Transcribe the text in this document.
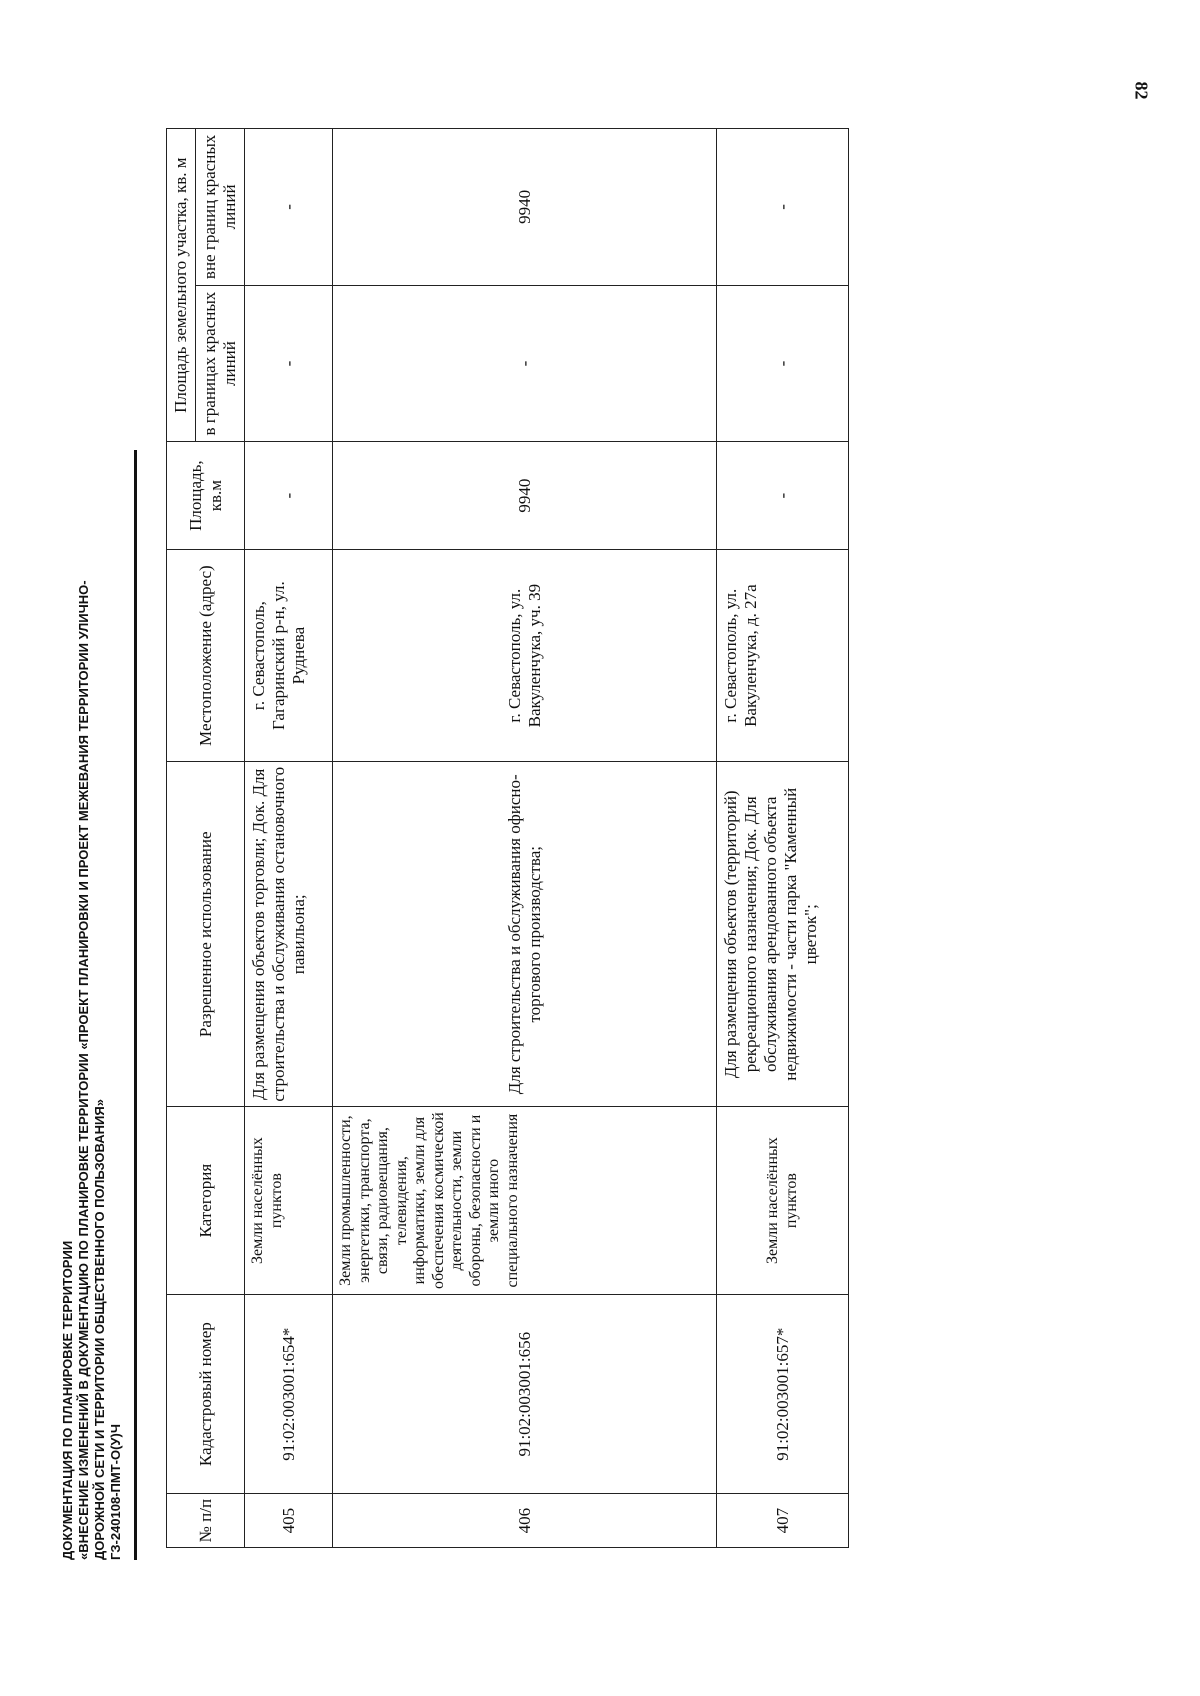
82
ДОКУМЕНТАЦИЯ ПО ПЛАНИРОВКЕ ТЕРРИТОРИИ «ВНЕСЕНИЕ ИЗМЕНЕНИЙ В ДОКУМЕНТАЦИЮ ПО ПЛАНИРОВКЕ ТЕРРИТОРИИ «ПРОЕКТ ПЛАНИРОВКИ И ПРОЕКТ МЕЖЕВАНИЯ ТЕРРИТОРИИ УЛИЧНО- ДОРОЖНОЙ СЕТИ И ТЕРРИТОРИИ ОБЩЕСТВЕННОГО ПОЛЬЗОВАНИЯ» ГЗ-240108-ПМТ-О(У)Ч	№ п/п	Кадастровый номер	Категория	Разрешенное использование	Местоположение (адрес)	Площадь, кв.м	Площадь земельного участка, кв. м	
						в границах красных линий	вне границ красных линий
405	91:02:003001:654*	Земли населённых пунктов	Для размещения объектов торговли; Док. Для строительства и обслуживания остановочного павильона;	г. Севастополь, Гагаринский р-н, ул. Руднева	-	-	-
406	91:02:003001:656	Земли промышленности, энергетики, транспорта, связи, радиовещания, телевидения, информатики, земли для обеспечения космической деятельности, земли обороны, безопасности и земли иного специального назначения	Для строительства и обслуживания офисно-торгового производства;	г. Севастополь, ул. Вакуленчука, уч. 39	9940	-	9940
407	91:02:003001:657*	Земли населённых пунктов	Для размещения объектов (территорий) рекреационного назначения; Док. Для обслуживания арендованного объекта недвижимости - части парка "Каменный цветок";	г. Севастополь, ул. Вакуленчука, д. 27а	-	-	-
